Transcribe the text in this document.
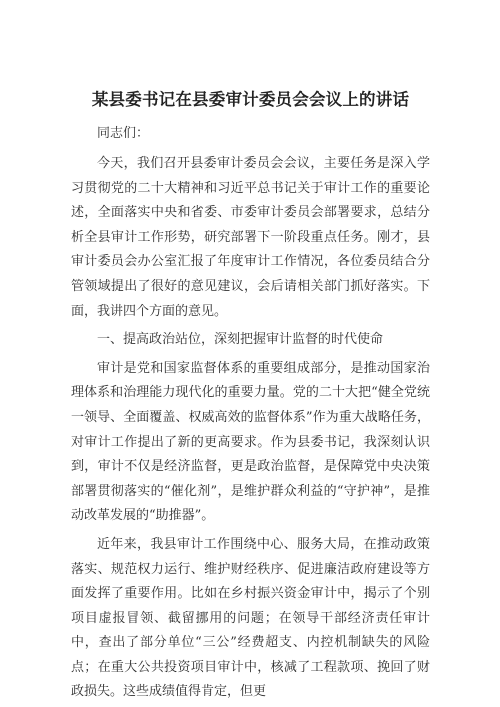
某县委书记在县委审计委员会会议上的讲话

同志们：

今天，我们召开县委审计委员会会议，主要任务是深入学习贯彻党的二十大精神和习近平总书记关于审计工作的重要论述，全面落实中央和省委、市委审计委员会部署要求，总结分析全县审计工作形势，研究部署下一阶段重点任务。刚才，县审计委员会办公室汇报了年度审计工作情况，各位委员结合分管领域提出了很好的意见建议，会后请相关部门抓好落实。下面，我讲四个方面的意见。

一、提高政治站位，深刻把握审计监督的时代使命

审计是党和国家监督体系的重要组成部分，是推动国家治理体系和治理能力现代化的重要力量。党的二十大把“健全党统一领导、全面覆盖、权威高效的监督体系”作为重大战略任务，对审计工作提出了新的更高要求。作为县委书记，我深刻认识到，审计不仅是经济监督，更是政治监督，是保障党中央决策部署贯彻落实的“催化剂”，是维护群众利益的“守护神”，是推动改革发展的“助推器”。

近年来，我县审计工作围绕中心、服务大局，在推动政策落实、规范权力运行、维护财经秩序、促进廉洁政府建设等方面发挥了重要作用。比如在乡村振兴资金审计中，揭示了个别项目虚报冒领、截留挪用的问题；在领导干部经济责任审计中，查出了部分单位“三公”经费超支、内控机制缺失的风险点；在重大公共投资项目审计中，核减了工程款项、挽回了财政损失。这些成绩值得肯定，但更
